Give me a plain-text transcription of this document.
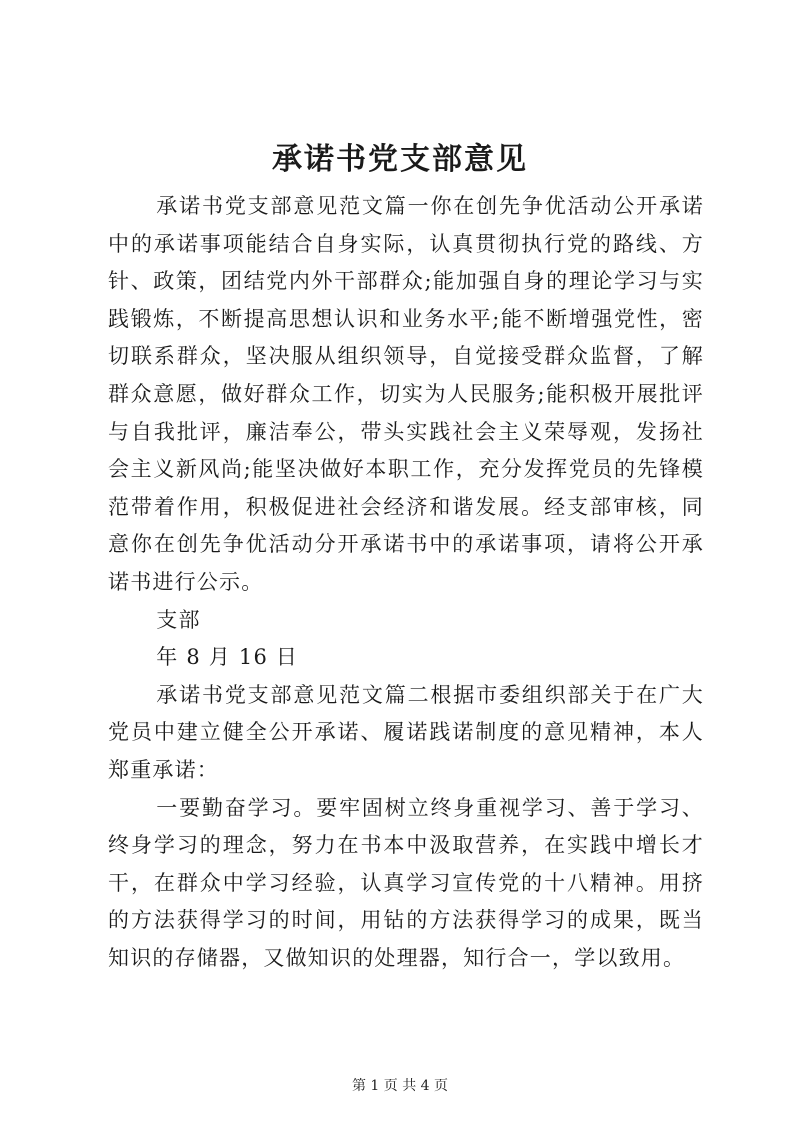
承诺书党支部意见

承诺书党支部意见范文篇一你在创先争优活动公开承诺中的承诺事项能结合自身实际，认真贯彻执行党的路线、方针、政策，团结党内外干部群众;能加强自身的理论学习与实践锻炼，不断提高思想认识和业务水平;能不断增强党性，密切联系群众，坚决服从组织领导，自觉接受群众监督，了解群众意愿，做好群众工作，切实为人民服务;能积极开展批评与自我批评，廉洁奉公，带头实践社会主义荣辱观，发扬社会主义新风尚;能坚决做好本职工作，充分发挥党员的先锋模范带着作用，积极促进社会经济和谐发展。经支部审核，同意你在创先争优活动分开承诺书中的承诺事项，请将公开承诺书进行公示。

支部

年 8 月 16 日

承诺书党支部意见范文篇二根据市委组织部关于在广大党员中建立健全公开承诺、履诺践诺制度的意见精神，本人郑重承诺：

一要勤奋学习。要牢固树立终身重视学习、善于学习、终身学习的理念，努力在书本中汲取营养，在实践中增长才干，在群众中学习经验，认真学习宣传党的十八精神。用挤的方法获得学习的时间，用钻的方法获得学习的成果，既当知识的存储器，又做知识的处理器，知行合一，学以致用。

第 1 页 共 4 页
